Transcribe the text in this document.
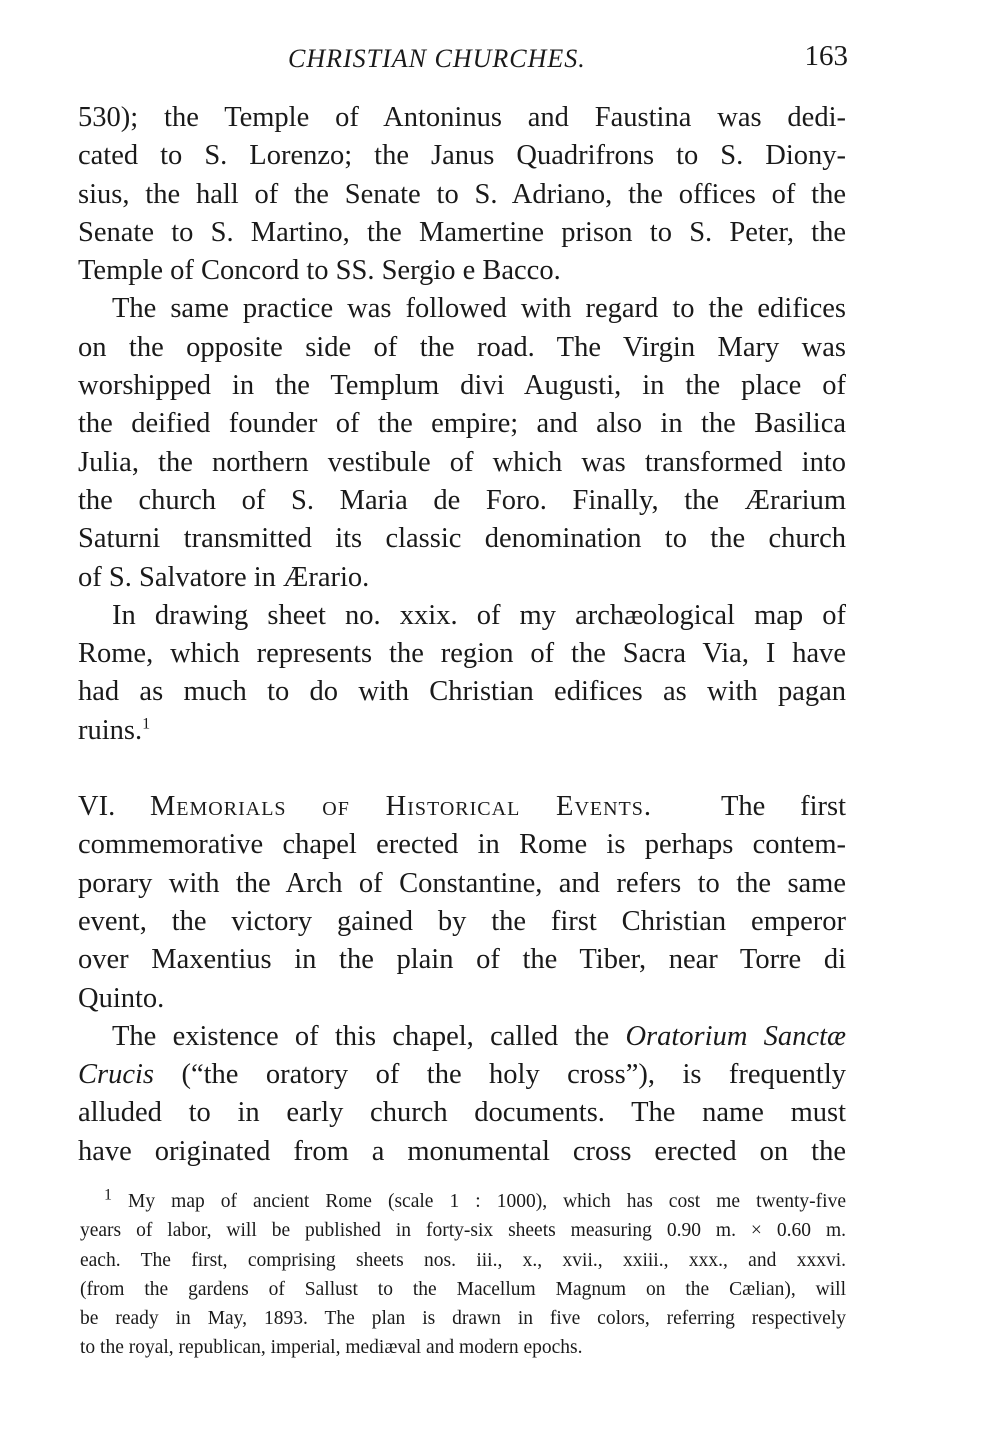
CHRISTIAN CHURCHES.	163
530); the Temple of Antoninus and Faustina was dedi-
cated to S. Lorenzo; the Janus Quadrifrons to S. Diony-
sius, the hall of the Senate to S. Adriano, the offices of the
Senate to S. Martino, the Mamertine prison to S. Peter, the
Temple of Concord to SS. Sergio e Bacco.
The same practice was followed with regard to the edifices
on the opposite side of the road. The Virgin Mary was
worshipped in the Templum divi Augusti, in the place of
the deified founder of the empire; and also in the Basilica
Julia, the northern vestibule of which was transformed into
the church of S. Maria de Foro. Finally, the Ærarium
Saturni transmitted its classic denomination to the church
of S. Salvatore in Ærario.
In drawing sheet no. xxix. of my archæological map of
Rome, which represents the region of the Sacra Via, I have
had as much to do with Christian edifices as with pagan
ruins.$^1$
VI. Memorials of Historical Events. The first
commemorative chapel erected in Rome is perhaps contem-
porary with the Arch of Constantine, and refers to the same
event, the victory gained by the first Christian emperor
over Maxentius in the plain of the Tiber, near Torre di
Quinto.
The existence of this chapel, called the Oratorium Sanctæ
Crucis (“the oratory of the holy cross”), is frequently
alluded to in early church documents. The name must
have originated from a monumental cross erected on the
$^1$ My map of ancient Rome (scale 1 : 1000), which has cost me twenty-five
years of labor, will be published in forty-six sheets measuring 0.90 m. × 0.60 m.
each. The first, comprising sheets nos. iii., x., xvii., xxiii., xxx., and xxxvi.
(from the gardens of Sallust to the Macellum Magnum on the Cælian), will
be ready in May, 1893. The plan is drawn in five colors, referring respectively
to the royal, republican, imperial, mediæval and modern epochs.
